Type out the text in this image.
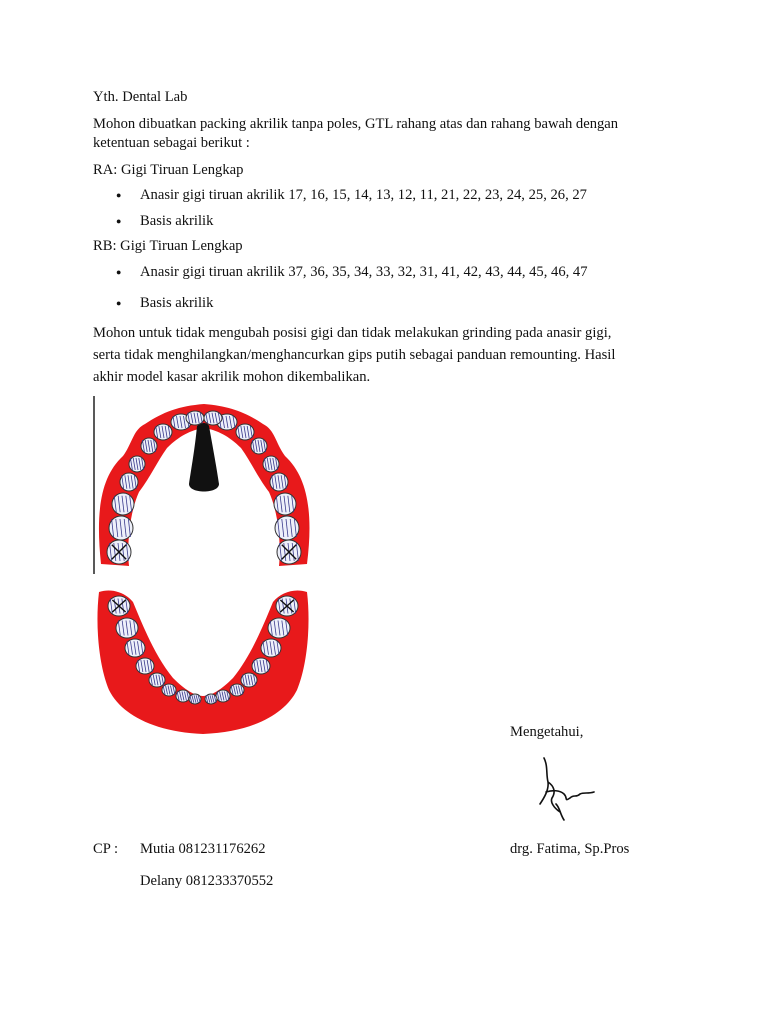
Yth. Dental Lab
Mohon dibuatkan packing akrilik tanpa poles, GTL rahang atas dan rahang bawah dengan
ketentuan sebagai berikut :
RA: Gigi Tiruan Lengkap
● Anasir gigi tiruan akrilik 17, 16, 15, 14, 13, 12, 11, 21, 22, 23, 24, 25, 26, 27
● Basis akrilik
RB: Gigi Tiruan Lengkap
● Anasir gigi tiruan akrilik 37, 36, 35, 34, 33, 32, 31, 41, 42, 43, 44, 45, 46, 47
● Basis akrilik
Mohon untuk tidak mengubah posisi gigi dan tidak melakukan grinding pada anasir gigi,
serta tidak menghilangkan/menghancurkan gips putih sebagai panduan remounting. Hasil
akhir model kasar akrilik mohon dikembalikan.
Mengetahui,
CP : Mutia 081231176262	drg. Fatima, Sp.Pros
Delany 081233370552
